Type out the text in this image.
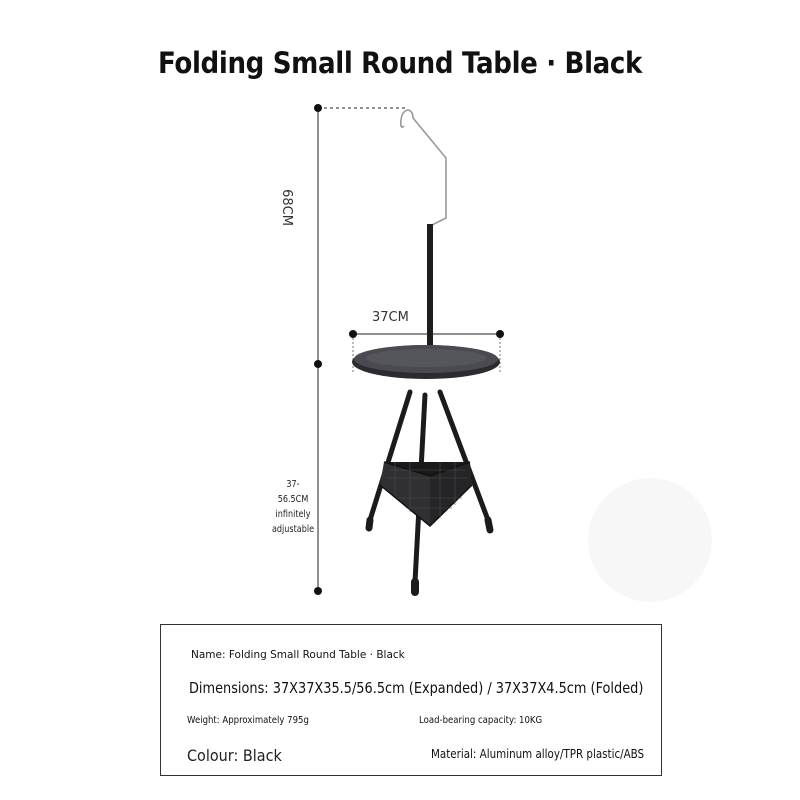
Folding Small Round Table · Black
68CM
37CM
37-56.5CM
infinitely
adjustable
Name: Folding Small Round Table · Black
Dimensions: 37X37X35.5/56.5cm (Expanded) / 37X37X4.5cm (Folded)
Weight: Approximately 795g	Load-bearing capacity: 10KG
Colour: Black	Material: Aluminum alloy/TPR plastic/ABS
